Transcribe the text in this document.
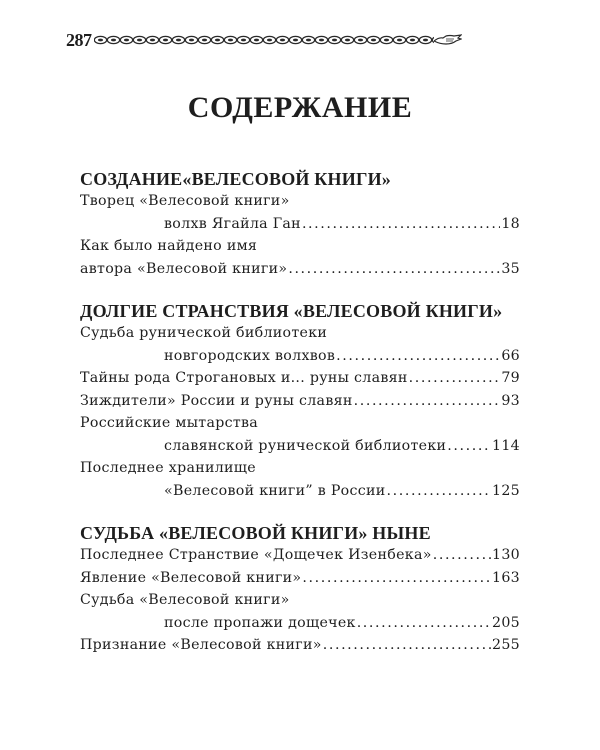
287
СОДЕРЖАНИЕ
СОЗДАНИЕ«ВЕЛЕСОВОЙ КНИГИ»
Творец «Велесовой книги»
волхв Ягайла Ган .....	18
Как было найдено имя
автора «Велесовой книги» .....	35
ДОЛГИЕ СТРАНСТВИЯ «ВЕЛЕСОВОЙ КНИГИ»
Судьба рунической библиотеки
новгородских волхвов .....	66
Тайны рода Строгановых и... руны славян .....	79
Зиждители» России и руны славян .....	93
Российские мытарства
славянской рунической библиотеки .....	114
Последнее хранилище
«Велесовой книги” в России .....	125
СУДЬБА «ВЕЛЕСОВОЙ КНИГИ» НЫНЕ
Последнее Странствие «Дощечек Изенбека» .....	130
Явление «Велесовой книги» .....	163
Судьба «Велесовой книги»
после пропажи дощечек .....	205
Признание «Велесовой книги» .....	255
